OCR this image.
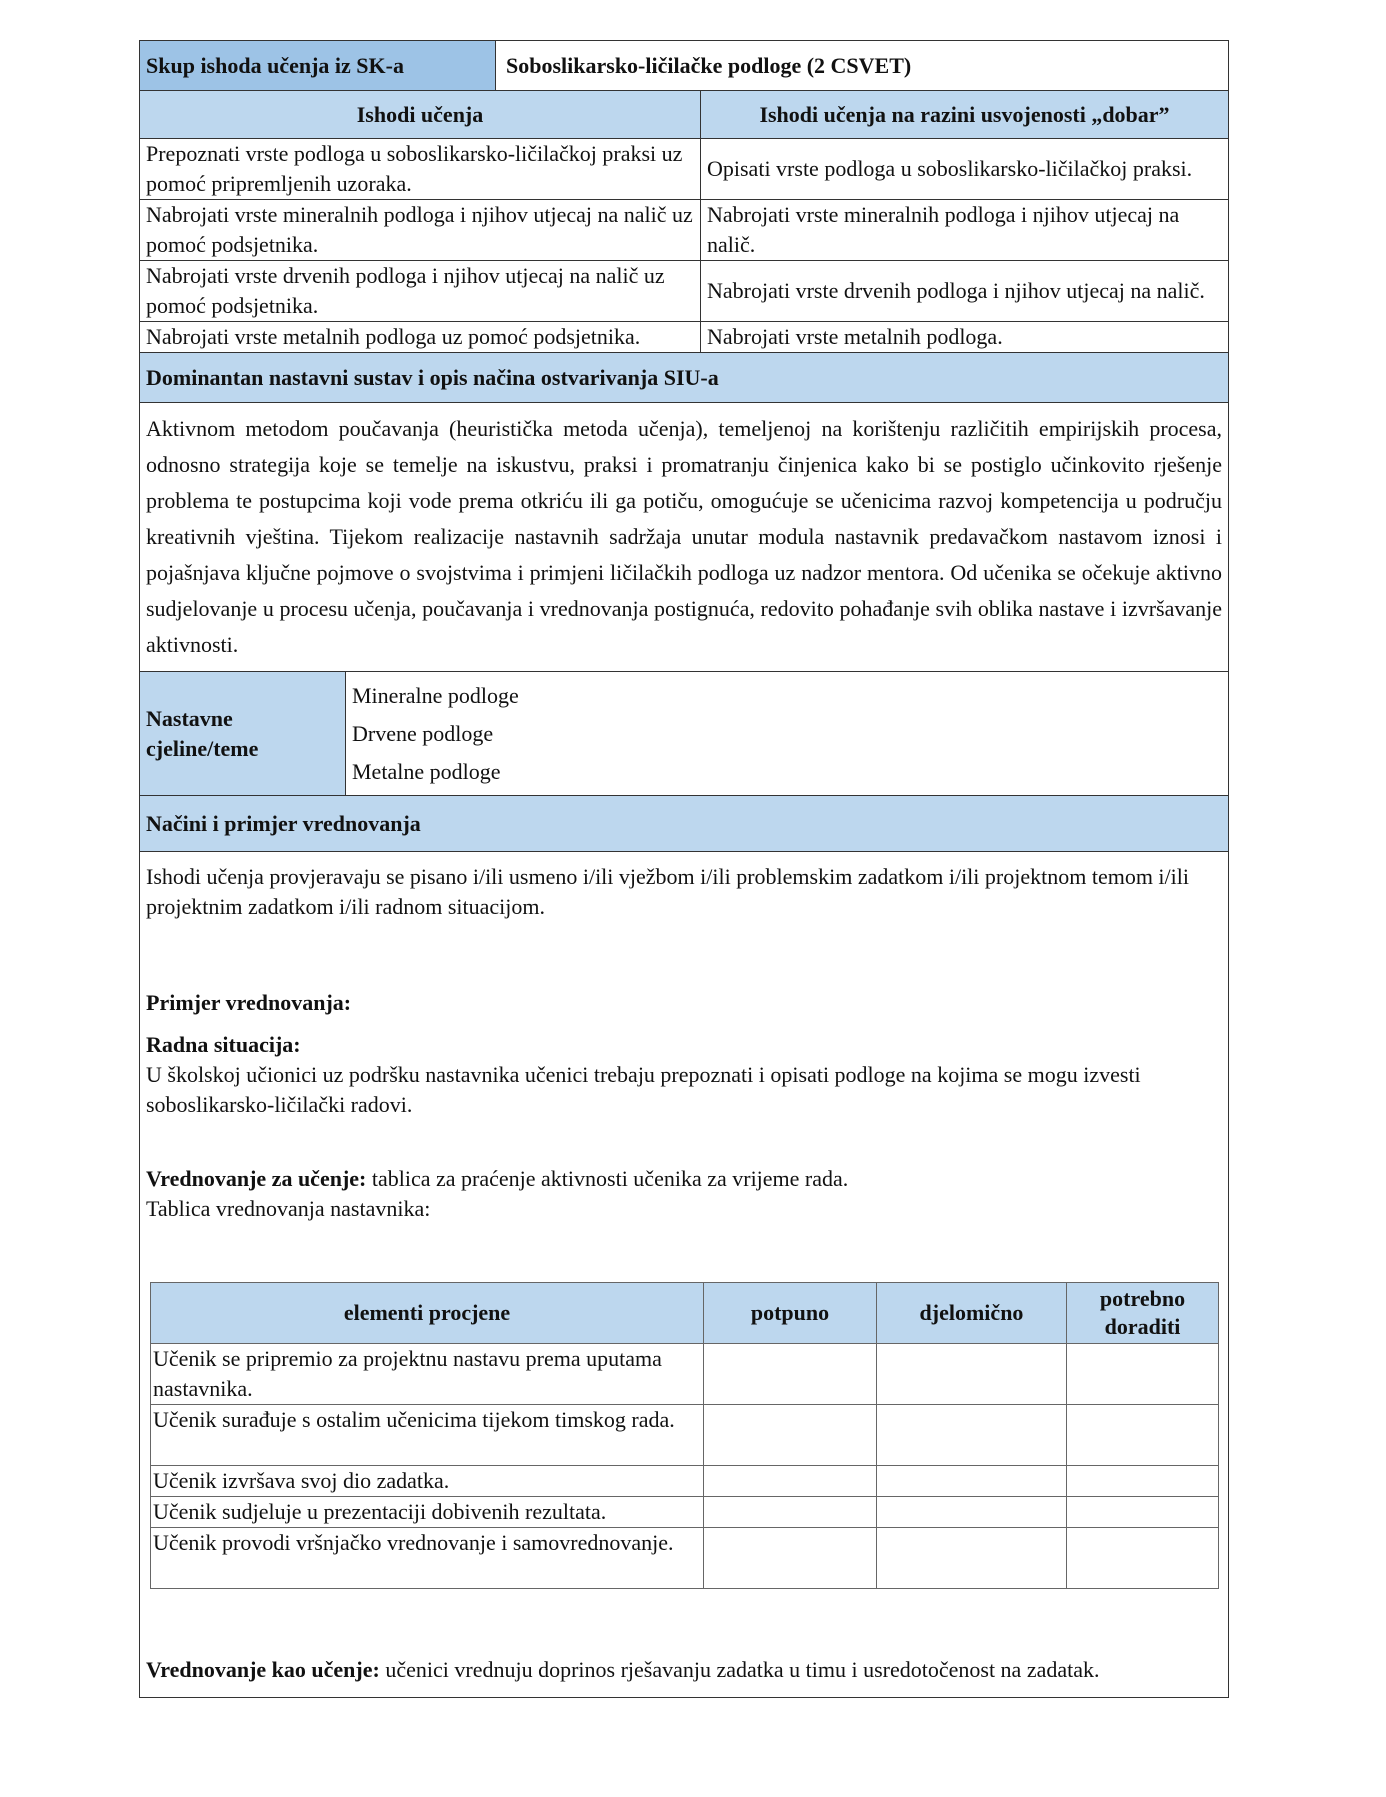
Skup ishoda učenja iz SK-a	Soboslikarsko-ličilačke podloge (2 CSVET)
Ishodi učenja	Ishodi učenja na razini usvojenosti „dobar”
Prepoznati vrste podloga u soboslikarsko-ličilačkoj praksi uz pomoć pripremljenih uzoraka.	Opisati vrste podloga u soboslikarsko-ličilačkoj praksi.
Nabrojati vrste mineralnih podloga i njihov utjecaj na nalič uz pomoć podsjetnika.	Nabrojati vrste mineralnih podloga i njihov utjecaj na nalič.
Nabrojati vrste drvenih podloga i njihov utjecaj na nalič uz pomoć podsjetnika.	Nabrojati vrste drvenih podloga i njihov utjecaj na nalič.
Nabrojati vrste metalnih podloga uz pomoć podsjetnika.	Nabrojati vrste metalnih podloga.
Dominantan nastavni sustav i opis načina ostvarivanja SIU-a
Aktivnom metodom poučavanja (heuristička metoda učenja), temeljenoj na korištenju različitih empirijskih procesa, odnosno strategija koje se temelje na iskustvu, praksi i promatranju činjenica kako bi se postiglo učinkovito rješenje problema te postupcima koji vode prema otkriću ili ga potiču, omogućuje se učenicima razvoj kompetencija u području kreativnih vještina. Tijekom realizacije nastavnih sadržaja unutar modula nastavnik predavačkom nastavom iznosi i pojašnjava ključne pojmove o svojstvima i primjeni ličilačkih podloga uz nadzor mentora. Od učenika se očekuje aktivno sudjelovanje u procesu učenja, poučavanja i vrednovanja postignuća, redovito pohađanje svih oblika nastave i izvršavanje aktivnosti.
Nastavne cjeline/teme	
Mineralne podloge
Drvene podloge
Metalne podloge

Načini i primjer vrednovanja

Ishodi učenja provjeravaju se pisano i/ili usmeno i/ili vježbom i/ili problemskim zadatkom i/ili projektnom temom i/ili projektnim zadatkom i/ili radnom situacijom.

Primjer vrednovanja:

Radna situacija:

U školskoj učionici uz podršku nastavnika učenici trebaju prepoznati i opisati podloge na kojima se mogu izvesti soboslikarsko-ličilački radovi.

Vrednovanje za učenje: tablica za praćenje aktivnosti učenika za vrijeme rada.

Tablica vrednovanja nastavnika:

elementi procjene	potpuno	djelomično	potrebno doraditi
Učenik se pripremio za projektnu nastavu prema uputama nastavnika.			
Učenik surađuje s ostalim učenicima tijekom timskog rada.			
Učenik izvršava svoj dio zadatka.			
Učenik sudjeluje u prezentaciji dobivenih rezultata.			
Učenik provodi vršnjačko vrednovanje i samovrednovanje.			

Vrednovanje kao učenje: učenici vrednuju doprinos rješavanju zadatka u timu i usredotočenost na zadatak.
